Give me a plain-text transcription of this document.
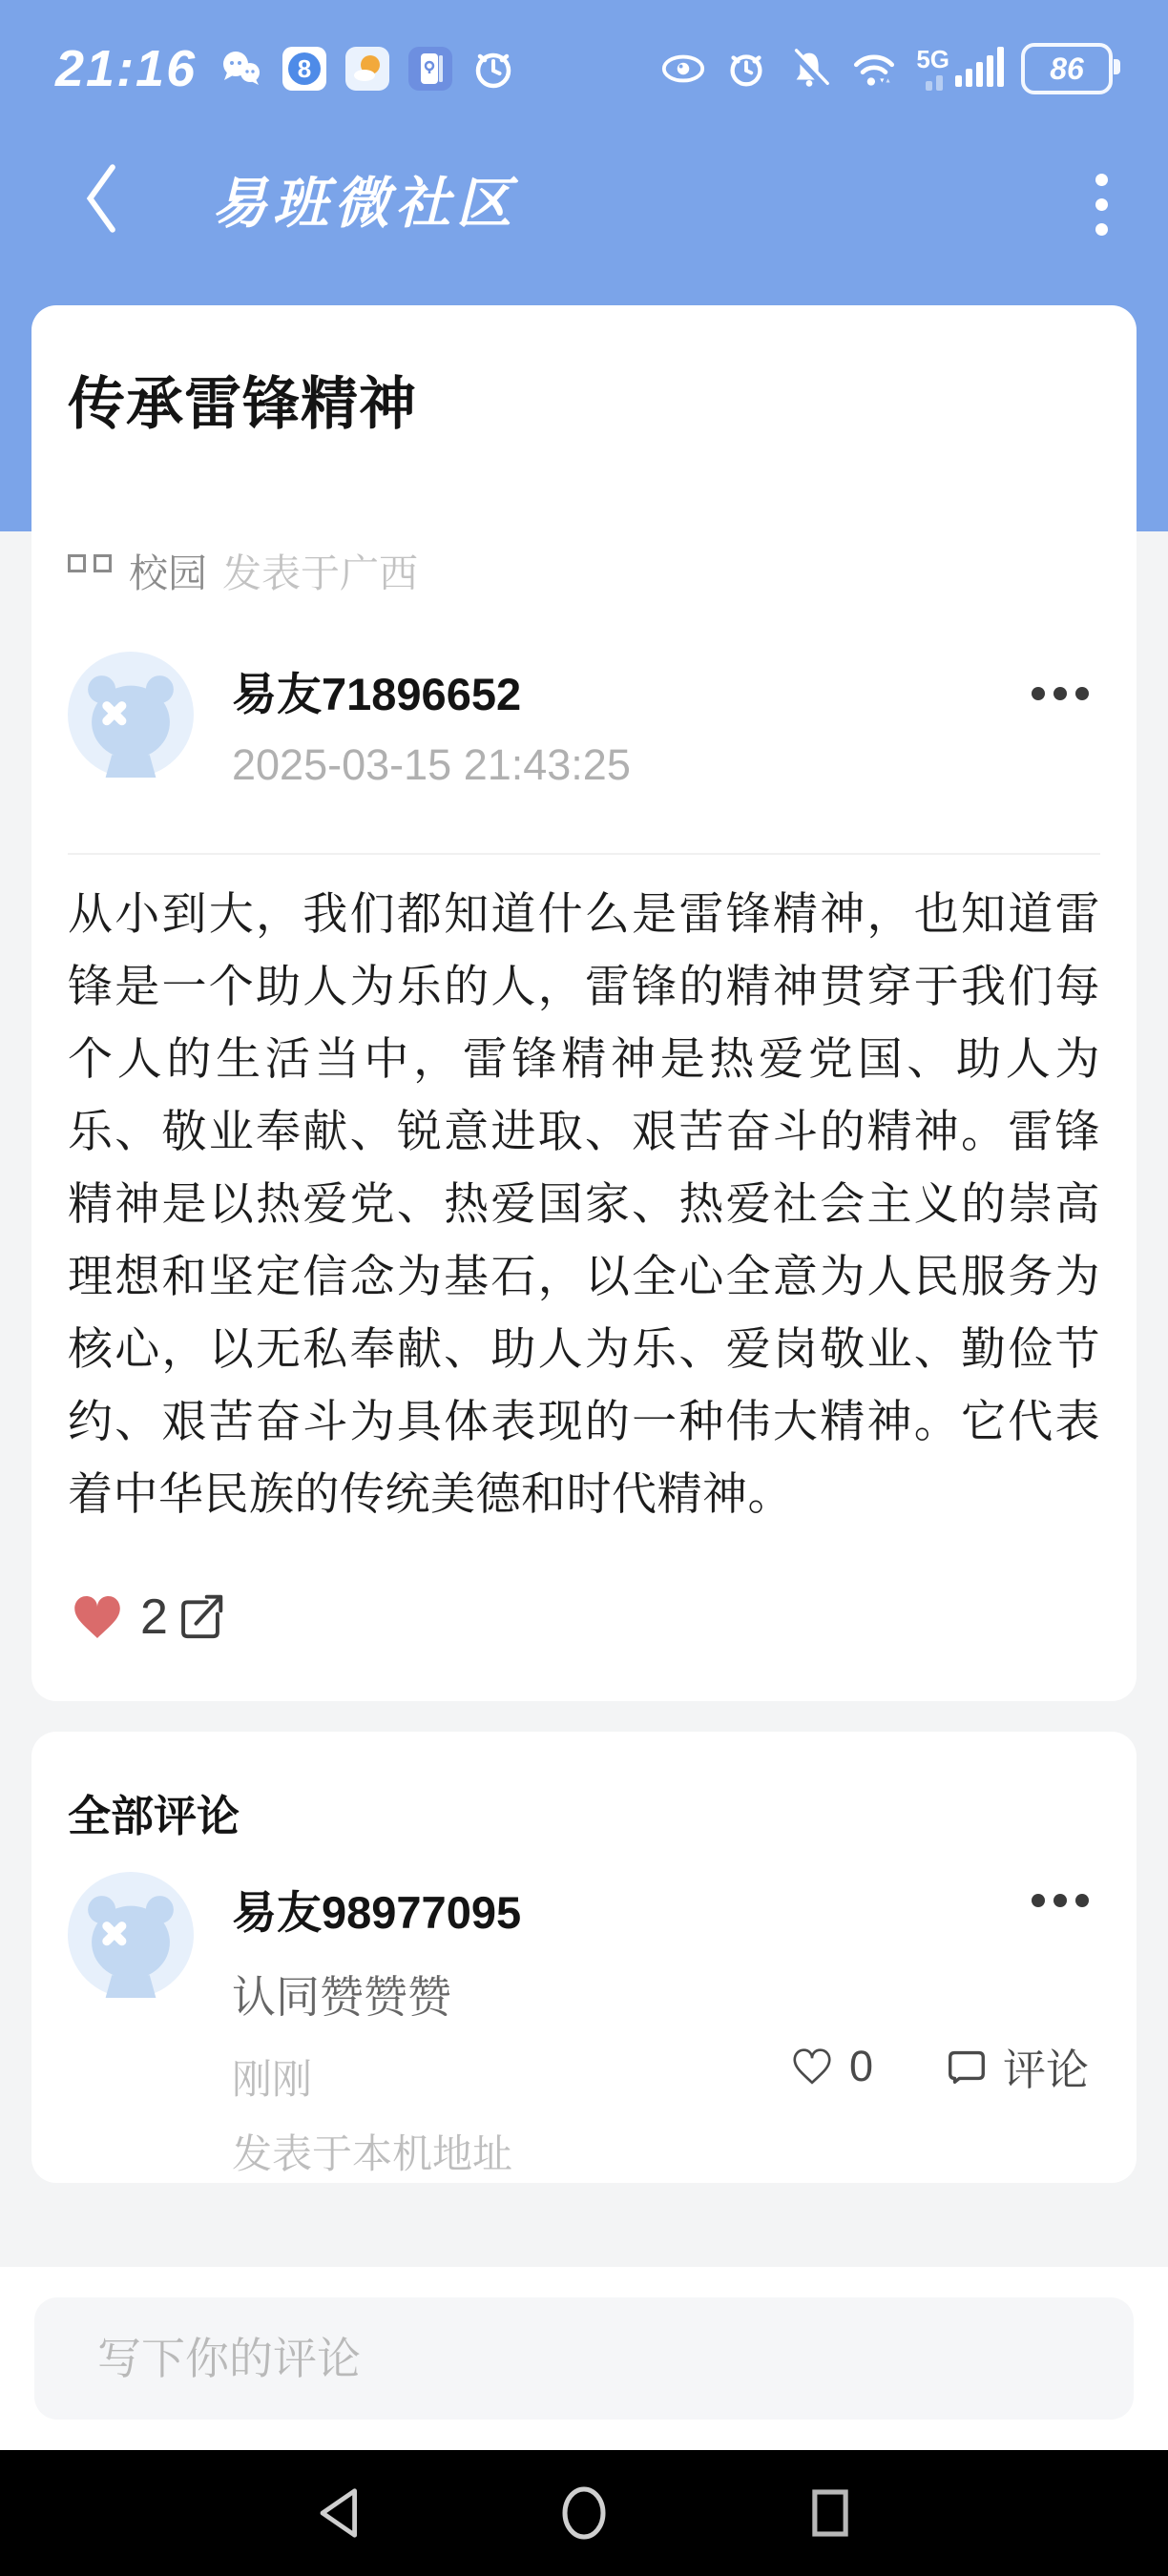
21:16 8	5G	86
易班微社区
传承雷锋精神
校园 发表于广西
易友71896652
2025-03-15 21:43:25
从小到大，我们都知道什么是雷锋精神，也知道雷锋是一个助人为乐的人，雷锋的精神贯穿于我们每个人的生活当中，雷锋精神是热爱党国、助人为乐、敬业奉献、锐意进取、艰苦奋斗的精神。雷锋精神是以热爱党、热爱国家、热爱社会主义的崇高理想和坚定信念为基石，以全心全意为人民服务为核心，以无私奉献、助人为乐、爱岗敬业、勤俭节约、艰苦奋斗为具体表现的一种伟大精神。它代表着中华民族的传统美德和时代精神。
2
全部评论
易友98977095
认同赞赞赞
刚刚
发表于本机地址
0	评论
写下你的评论
